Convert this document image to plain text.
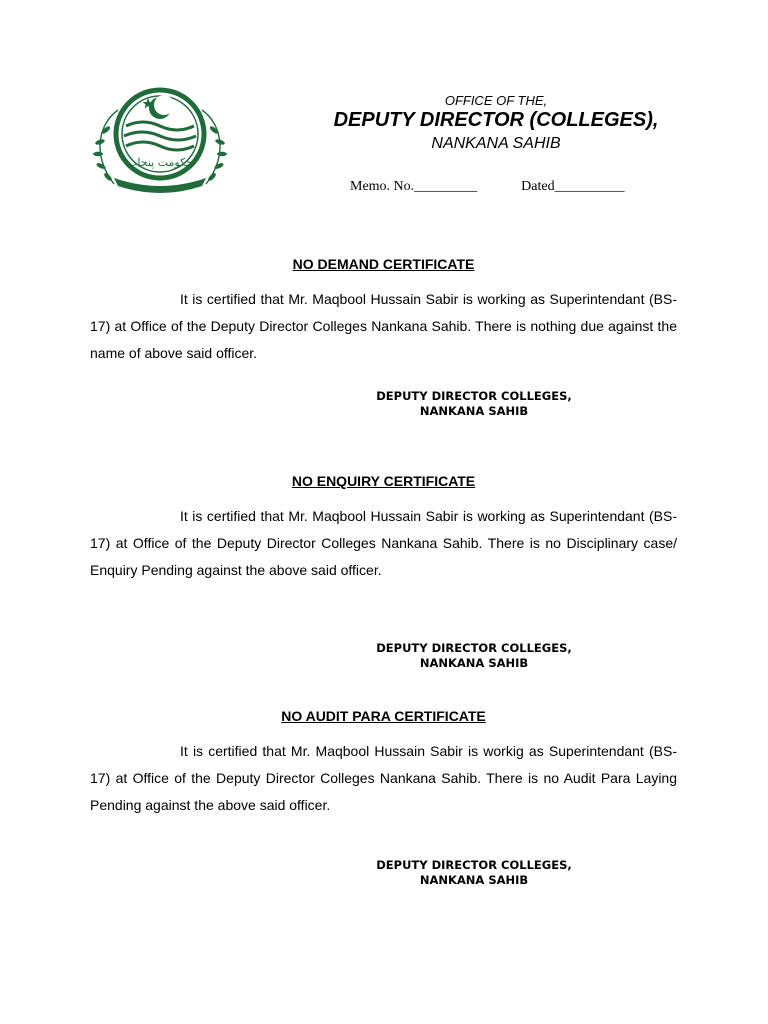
حکومت پنجاب
OFFICE OF THE,
DEPUTY DIRECTOR (COLLEGES),
NANKANA SAHIB
Memo. No._________	Dated__________
NO DEMAND CERTIFICATE
It is certified that Mr. Maqbool Hussain Sabir is working as Superintendant (BS-17) at Office of the Deputy Director Colleges Nankana Sahib. There is nothing due against the name of above said officer.
DEPUTY DIRECTOR COLLEGES,
NANKANA SAHIB
NO ENQUIRY CERTIFICATE
It is certified that Mr. Maqbool Hussain Sabir is working as Superintendant (BS-17) at Office of the Deputy Director Colleges Nankana Sahib. There is no Disciplinary case/ Enquiry Pending against the above said officer.
DEPUTY DIRECTOR COLLEGES,
NANKANA SAHIB
NO AUDIT PARA CERTIFICATE
It is certified that Mr. Maqbool Hussain Sabir is workig as Superintendant (BS-17) at Office of the Deputy Director Colleges Nankana Sahib. There is no Audit Para Laying Pending against the above said officer.
DEPUTY DIRECTOR COLLEGES,
NANKANA SAHIB
